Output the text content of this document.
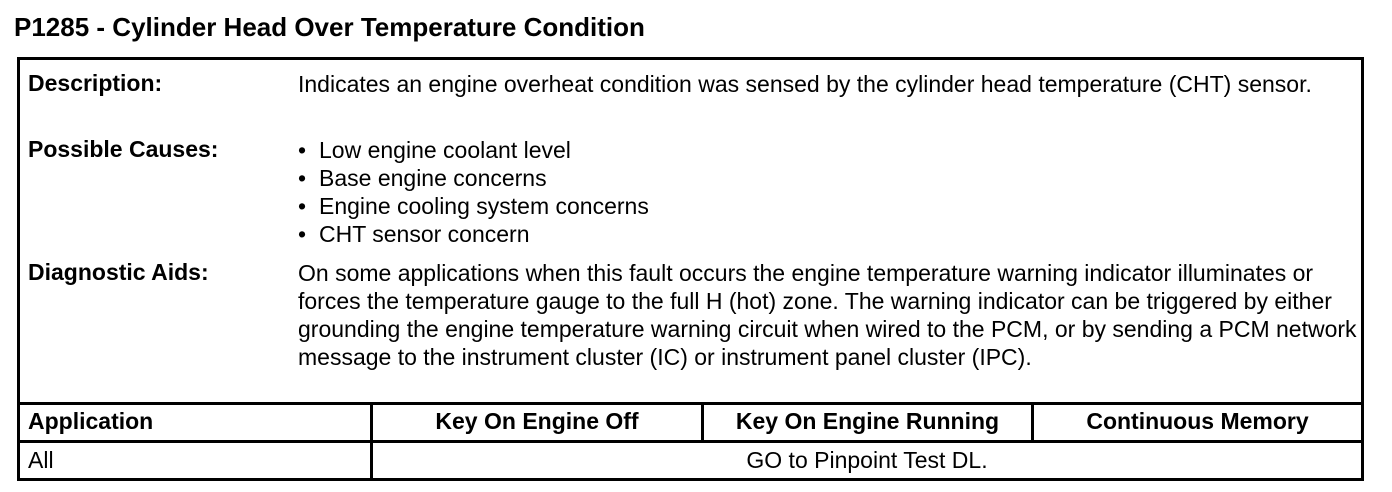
P1285 - Cylinder Head Over Temperature Condition
Description:	Indicates an engine overheat condition was sensed by the cylinder head temperature (CHT) sensor.
Possible Causes:	• Low engine coolant level
• Base engine concerns
• Engine cooling system concerns
• CHT sensor concern
Diagnostic Aids:	On some applications when this fault occurs the engine temperature warning indicator illuminates or forces the temperature gauge to the full H (hot) zone. The warning indicator can be triggered by either grounding the engine temperature warning circuit when wired to the PCM, or by sending a PCM network message to the instrument cluster (IC) or instrument panel cluster (IPC).
Application	Key On Engine Off	Key On Engine Running	Continuous Memory
All	GO to Pinpoint Test DL.
